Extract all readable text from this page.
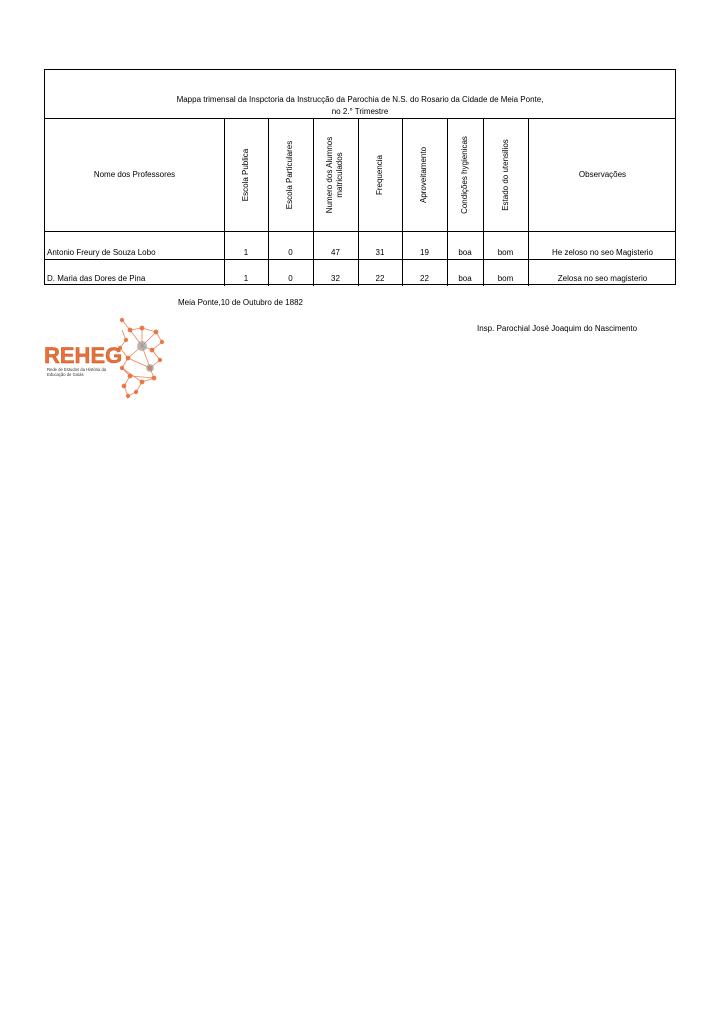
Mappa trimensal da Inspctoria da Instrucção da Parochia de N.S. do Rosario da Cidade de Meia Ponte,
no 2.° Trimestre
Nome dos Professores	Escola Publica	Escola Particulares	Numero dos Alumnos matriculados	Frequencia	Aproveitamento	Condições hygienicas	Estado do utensilios	Observações
Antonio Freury de Souza Lobo	1	0	47	31	19	boa	bom	He zeloso no seo Magisterio
D. Maria das Dores de Pina	1	0	32	22	22	boa	bom	Zelosa no seo magisterio
Meia Ponte,10 de Outubro de 1882
Insp. Parochial José Joaquim do Nascimento
REHEG
Rede de Estudos da História da
Educação de Goiás
